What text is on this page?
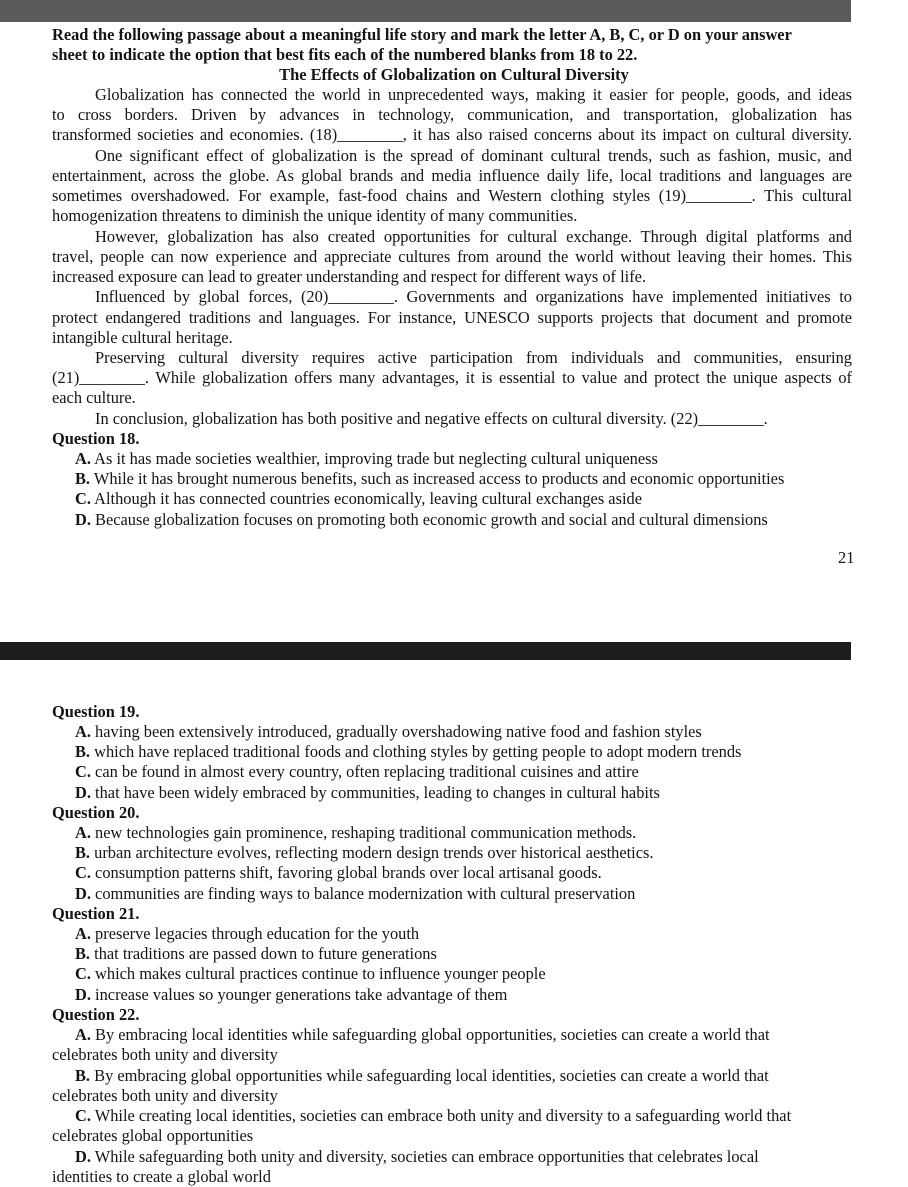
Read the following passage about a meaningful life story and mark the letter A, B, C, or D on your answer
sheet to indicate the option that best fits each of the numbered blanks from 18 to 22.
The Effects of Globalization on Cultural Diversity
Globalization has connected the world in unprecedented ways, making it easier for people, goods, and ideas
to cross borders. Driven by advances in technology, communication, and transportation, globalization has
transformed societies and economies. (18)________, it has also raised concerns about its impact on cultural diversity.
One significant effect of globalization is the spread of dominant cultural trends, such as fashion, music, and
entertainment, across the globe. As global brands and media influence daily life, local traditions and languages are
sometimes overshadowed. For example, fast-food chains and Western clothing styles (19)________. This cultural
homogenization threatens to diminish the unique identity of many communities.
However, globalization has also created opportunities for cultural exchange. Through digital platforms and
travel, people can now experience and appreciate cultures from around the world without leaving their homes. This
increased exposure can lead to greater understanding and respect for different ways of life.
Influenced by global forces, (20)________. Governments and organizations have implemented initiatives to
protect endangered traditions and languages. For instance, UNESCO supports projects that document and promote
intangible cultural heritage.
Preserving cultural diversity requires active participation from individuals and communities, ensuring
(21)________. While globalization offers many advantages, it is essential to value and protect the unique aspects of
each culture.
In conclusion, globalization has both positive and negative effects on cultural diversity. (22)________.
Question 18.
A. As it has made societies wealthier, improving trade but neglecting cultural uniqueness
B. While it has brought numerous benefits, such as increased access to products and economic opportunities
C. Although it has connected countries economically, leaving cultural exchanges aside
D. Because globalization focuses on promoting both economic growth and social and cultural dimensions
21
Question 19.
A. having been extensively introduced, gradually overshadowing native food and fashion styles
B. which have replaced traditional foods and clothing styles by getting people to adopt modern trends
C. can be found in almost every country, often replacing traditional cuisines and attire
D. that have been widely embraced by communities, leading to changes in cultural habits
Question 20.
A. new technologies gain prominence, reshaping traditional communication methods.
B. urban architecture evolves, reflecting modern design trends over historical aesthetics.
C. consumption patterns shift, favoring global brands over local artisanal goods.
D. communities are finding ways to balance modernization with cultural preservation
Question 21.
A. preserve legacies through education for the youth
B. that traditions are passed down to future generations
C. which makes cultural practices continue to influence younger people
D. increase values so younger generations take advantage of them
Question 22.
A. By embracing local identities while safeguarding global opportunities, societies can create a world that
celebrates both unity and diversity
B. By embracing global opportunities while safeguarding local identities, societies can create a world that
celebrates both unity and diversity
C. While creating local identities, societies can embrace both unity and diversity to a safeguarding world that
celebrates global opportunities
D. While safeguarding both unity and diversity, societies can embrace opportunities that celebrates local
identities to create a global world
